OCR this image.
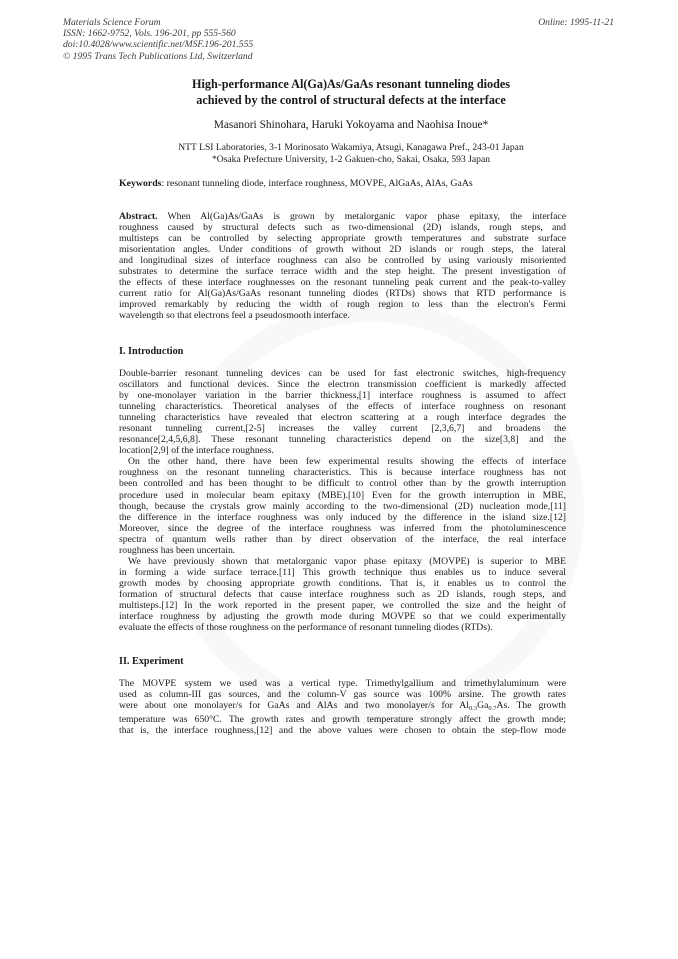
Materials Science Forum
ISSN: 1662-9752, Vols. 196-201, pp 555-560
doi:10.4028/www.scientific.net/MSF.196-201.555
© 1995 Trans Tech Publications Ltd, Switzerland
Online: 1995-11-21
High-performance Al(Ga)As/GaAs resonant tunneling diodes
achieved by the control of structural defects at the interface
Masanori Shinohara, Haruki Yokoyama and Naohisa Inoue*
NTT LSI Laboratories, 3-1 Morinosato Wakamiya, Atsugi, Kanagawa Pref., 243-01 Japan
*Osaka Prefecture University, 1-2 Gakuen-cho, Sakai, Osaka, 593 Japan
Keywords: resonant tunneling diode, interface roughness, MOVPE, AlGaAs, AlAs, GaAs
Abstract. When Al(Ga)As/GaAs is grown by metalorganic vapor phase epitaxy, the interface
roughness caused by structural defects such as two-dimensional (2D) islands, rough steps, and
multisteps can be controlled by selecting appropriate growth temperatures and substrate surface
misorientation angles. Under conditions of growth without 2D islands or rough steps, the lateral
and longitudinal sizes of interface roughness can also be controlled by using variously misoriented
substrates to determine the surface terrace width and the step height. The present investigation of
the effects of these interface roughnesses on the resonant tunneling peak current and the peak-to-valley
current ratio for Al(Ga)As/GaAs resonant tunneling diodes (RTDs) shows that RTD performance is
improved remarkably by reducing the width of rough region to less than the electron's Fermi
wavelength so that electrons feel a pseudosmooth interface.
I. Introduction
Double-barrier resonant tunneling devices can be used for fast electronic switches, high-frequency
oscillators and functional devices. Since the electron transmission coefficient is markedly affected
by one-monolayer variation in the barrier thickness,[1] interface roughness is assumed to affect
tunneling characteristics. Theoretical analyses of the effects of interface roughness on resonant
tunneling characteristics have revealed that electron scattering at a rough interface degrades the
resonant tunneling current,[2-5] increases the valley current [2,3,6,7] and broadens the
resonance[2,4,5,6,8]. These resonant tunneling characteristics depend on the size[3,8] and the
location[2,9] of the interface roughness.
On the other hand, there have been few experimental results showing the effects of interface
roughness on the resonant tunneling characteristics. This is because interface roughness has not
been controlled and has been thought to be difficult to control other than by the growth interruption
procedure used in molecular beam epitaxy (MBE).[10] Even for the growth interruption in MBE,
though, because the crystals grow mainly according to the two-dimensional (2D) nucleation mode,[11]
the difference in the interface roughness was only induced by the difference in the island size.[12]
Moreover, since the degree of the interface roughness was inferred from the photoluminescence
spectra of quantum wells rather than by direct observation of the interface, the real interface
roughness has been uncertain.
We have previously shown that metalorganic vapor phase epitaxy (MOVPE) is superior to MBE
in forming a wide surface terrace.[11] This growth technique thus enables us to induce several
growth modes by choosing appropriate growth conditions. That is, it enables us to control the
formation of structural defects that cause interface roughness such as 2D islands, rough steps, and
multisteps.[12] In the work reported in the present paper, we controlled the size and the height of
interface roughness by adjusting the growth mode during MOVPE so that we could experimentally
evaluate the effects of those roughness on the performance of resonant tunneling diodes (RTDs).
II. Experiment
The MOVPE system we used was a vertical type. Trimethylgallium and trimethylaluminum were
used as column-III gas sources, and the column-V gas source was 100% arsine. The growth rates
were about one monolayer/s for GaAs and AlAs and two monolayer/s for $Al_{0.3}Ga_{0.7}As$. The growth
temperature was 650°C. The growth rates and growth temperature strongly affect the growth mode;
that is, the interface roughness,[12] and the above values were chosen to obtain the step-flow mode
